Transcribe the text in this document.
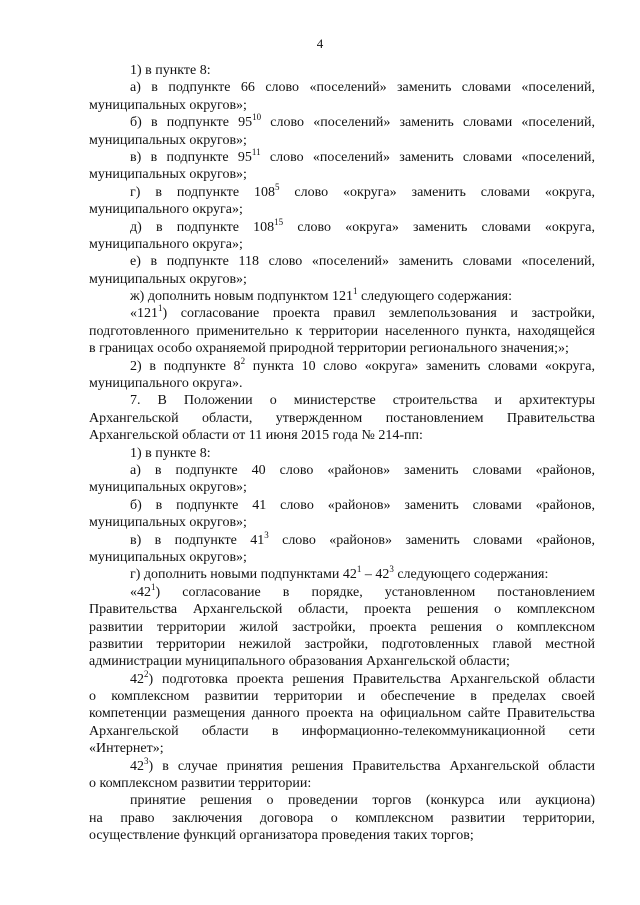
4
1) в пункте 8:
а) в подпункте 66 слово «поселений» заменить словами «поселений,
муниципальных округов»;
б) в подпункте $95^{10}$ слово «поселений» заменить словами «поселений,
муниципальных округов»;
в) в подпункте $95^{11}$ слово «поселений» заменить словами «поселений,
муниципальных округов»;
г) в подпункте $108^5$ слово «округа» заменить словами «округа,
муниципального округа»;
д) в подпункте $108^{15}$ слово «округа» заменить словами «округа,
муниципального округа»;
е) в подпункте 118 слово «поселений» заменить словами «поселений,
муниципальных округов»;
ж) дополнить новым подпунктом $121^1$ следующего содержания:
«$121^1$) согласование проекта правил землепользования и застройки,
подготовленного применительно к территории населенного пункта, находящейся
в границах особо охраняемой природной территории регионального значения;»;
2) в подпункте $8^2$ пункта 10 слово «округа» заменить словами «округа,
муниципального округа».
7. В Положении о министерстве строительства и архитектуры
Архангельской области, утвержденном постановлением Правительства
Архангельской области от 11 июня 2015 года № 214-пп:
1) в пункте 8:
а) в подпункте 40 слово «районов» заменить словами «районов,
муниципальных округов»;
б) в подпункте 41 слово «районов» заменить словами «районов,
муниципальных округов»;
в) в подпункте $41^3$ слово «районов» заменить словами «районов,
муниципальных округов»;
г) дополнить новыми подпунктами $42^1 - 42^3$ следующего содержания:
«$42^1$) согласование в порядке, установленном постановлением
Правительства Архангельской области, проекта решения о комплексном
развитии территории жилой застройки, проекта решения о комплексном
развитии территории нежилой застройки, подготовленных главой местной
администрации муниципального образования Архангельской области;
$42^2$) подготовка проекта решения Правительства Архангельской области
о комплексном развитии территории и обеспечение в пределах своей
компетенции размещения данного проекта на официальном сайте Правительства
Архангельской области в информационно-телекоммуникационной сети
«Интернет»;
$42^3$) в случае принятия решения Правительства Архангельской области
о комплексном развитии территории:
принятие решения о проведении торгов (конкурса или аукциона)
на право заключения договора о комплексном развитии территории,
осуществление функций организатора проведения таких торгов;
